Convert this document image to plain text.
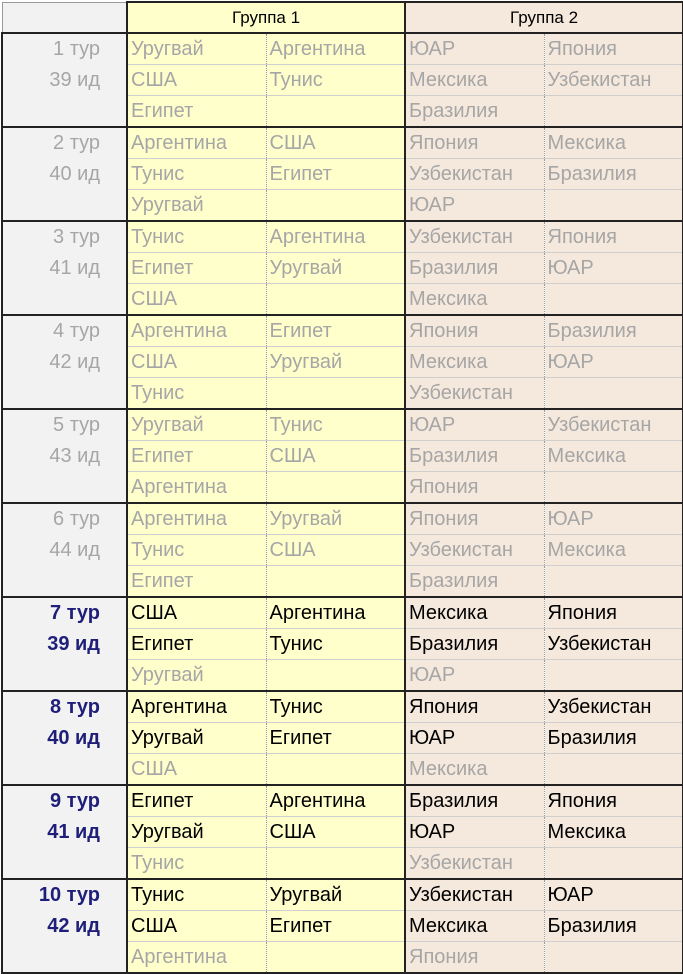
	Группа 1		Группа 2	
1 тур	Уругвай	Аргентина	ЮАР	Япония
39 ид	США	Тунис	Мексика	Узбекистан
	Египет		Бразилия	
2 тур	Аргентина	США	Япония	Мексика
40 ид	Тунис	Египет	Узбекистан	Бразилия
	Уругвай		ЮАР	
3 тур	Тунис	Аргентина	Узбекистан	Япония
41 ид	Египет	Уругвай	Бразилия	ЮАР
	США		Мексика	
4 тур	Аргентина	Египет	Япония	Бразилия
42 ид	США	Уругвай	Мексика	ЮАР
	Тунис		Узбекистан	
5 тур	Уругвай	Тунис	ЮАР	Узбекистан
43 ид	Египет	США	Бразилия	Мексика
	Аргентина		Япония	
6 тур	Аргентина	Уругвай	Япония	ЮАР
44 ид	Тунис	США	Узбекистан	Мексика
	Египет		Бразилия	
7 тур	США	Аргентина	Мексика	Япония
39 ид	Египет	Тунис	Бразилия	Узбекистан
	Уругвай		ЮАР	
8 тур	Аргентина	Тунис	Япония	Узбекистан
40 ид	Уругвай	Египет	ЮАР	Бразилия
	США		Мексика	
9 тур	Египет	Аргентина	Бразилия	Япония
41 ид	Уругвай	США	ЮАР	Мексика
	Тунис		Узбекистан	
10 тур	Тунис	Уругвай	Узбекистан	ЮАР
42 ид	США	Египет	Мексика	Бразилия
	Аргентина		Япония	
